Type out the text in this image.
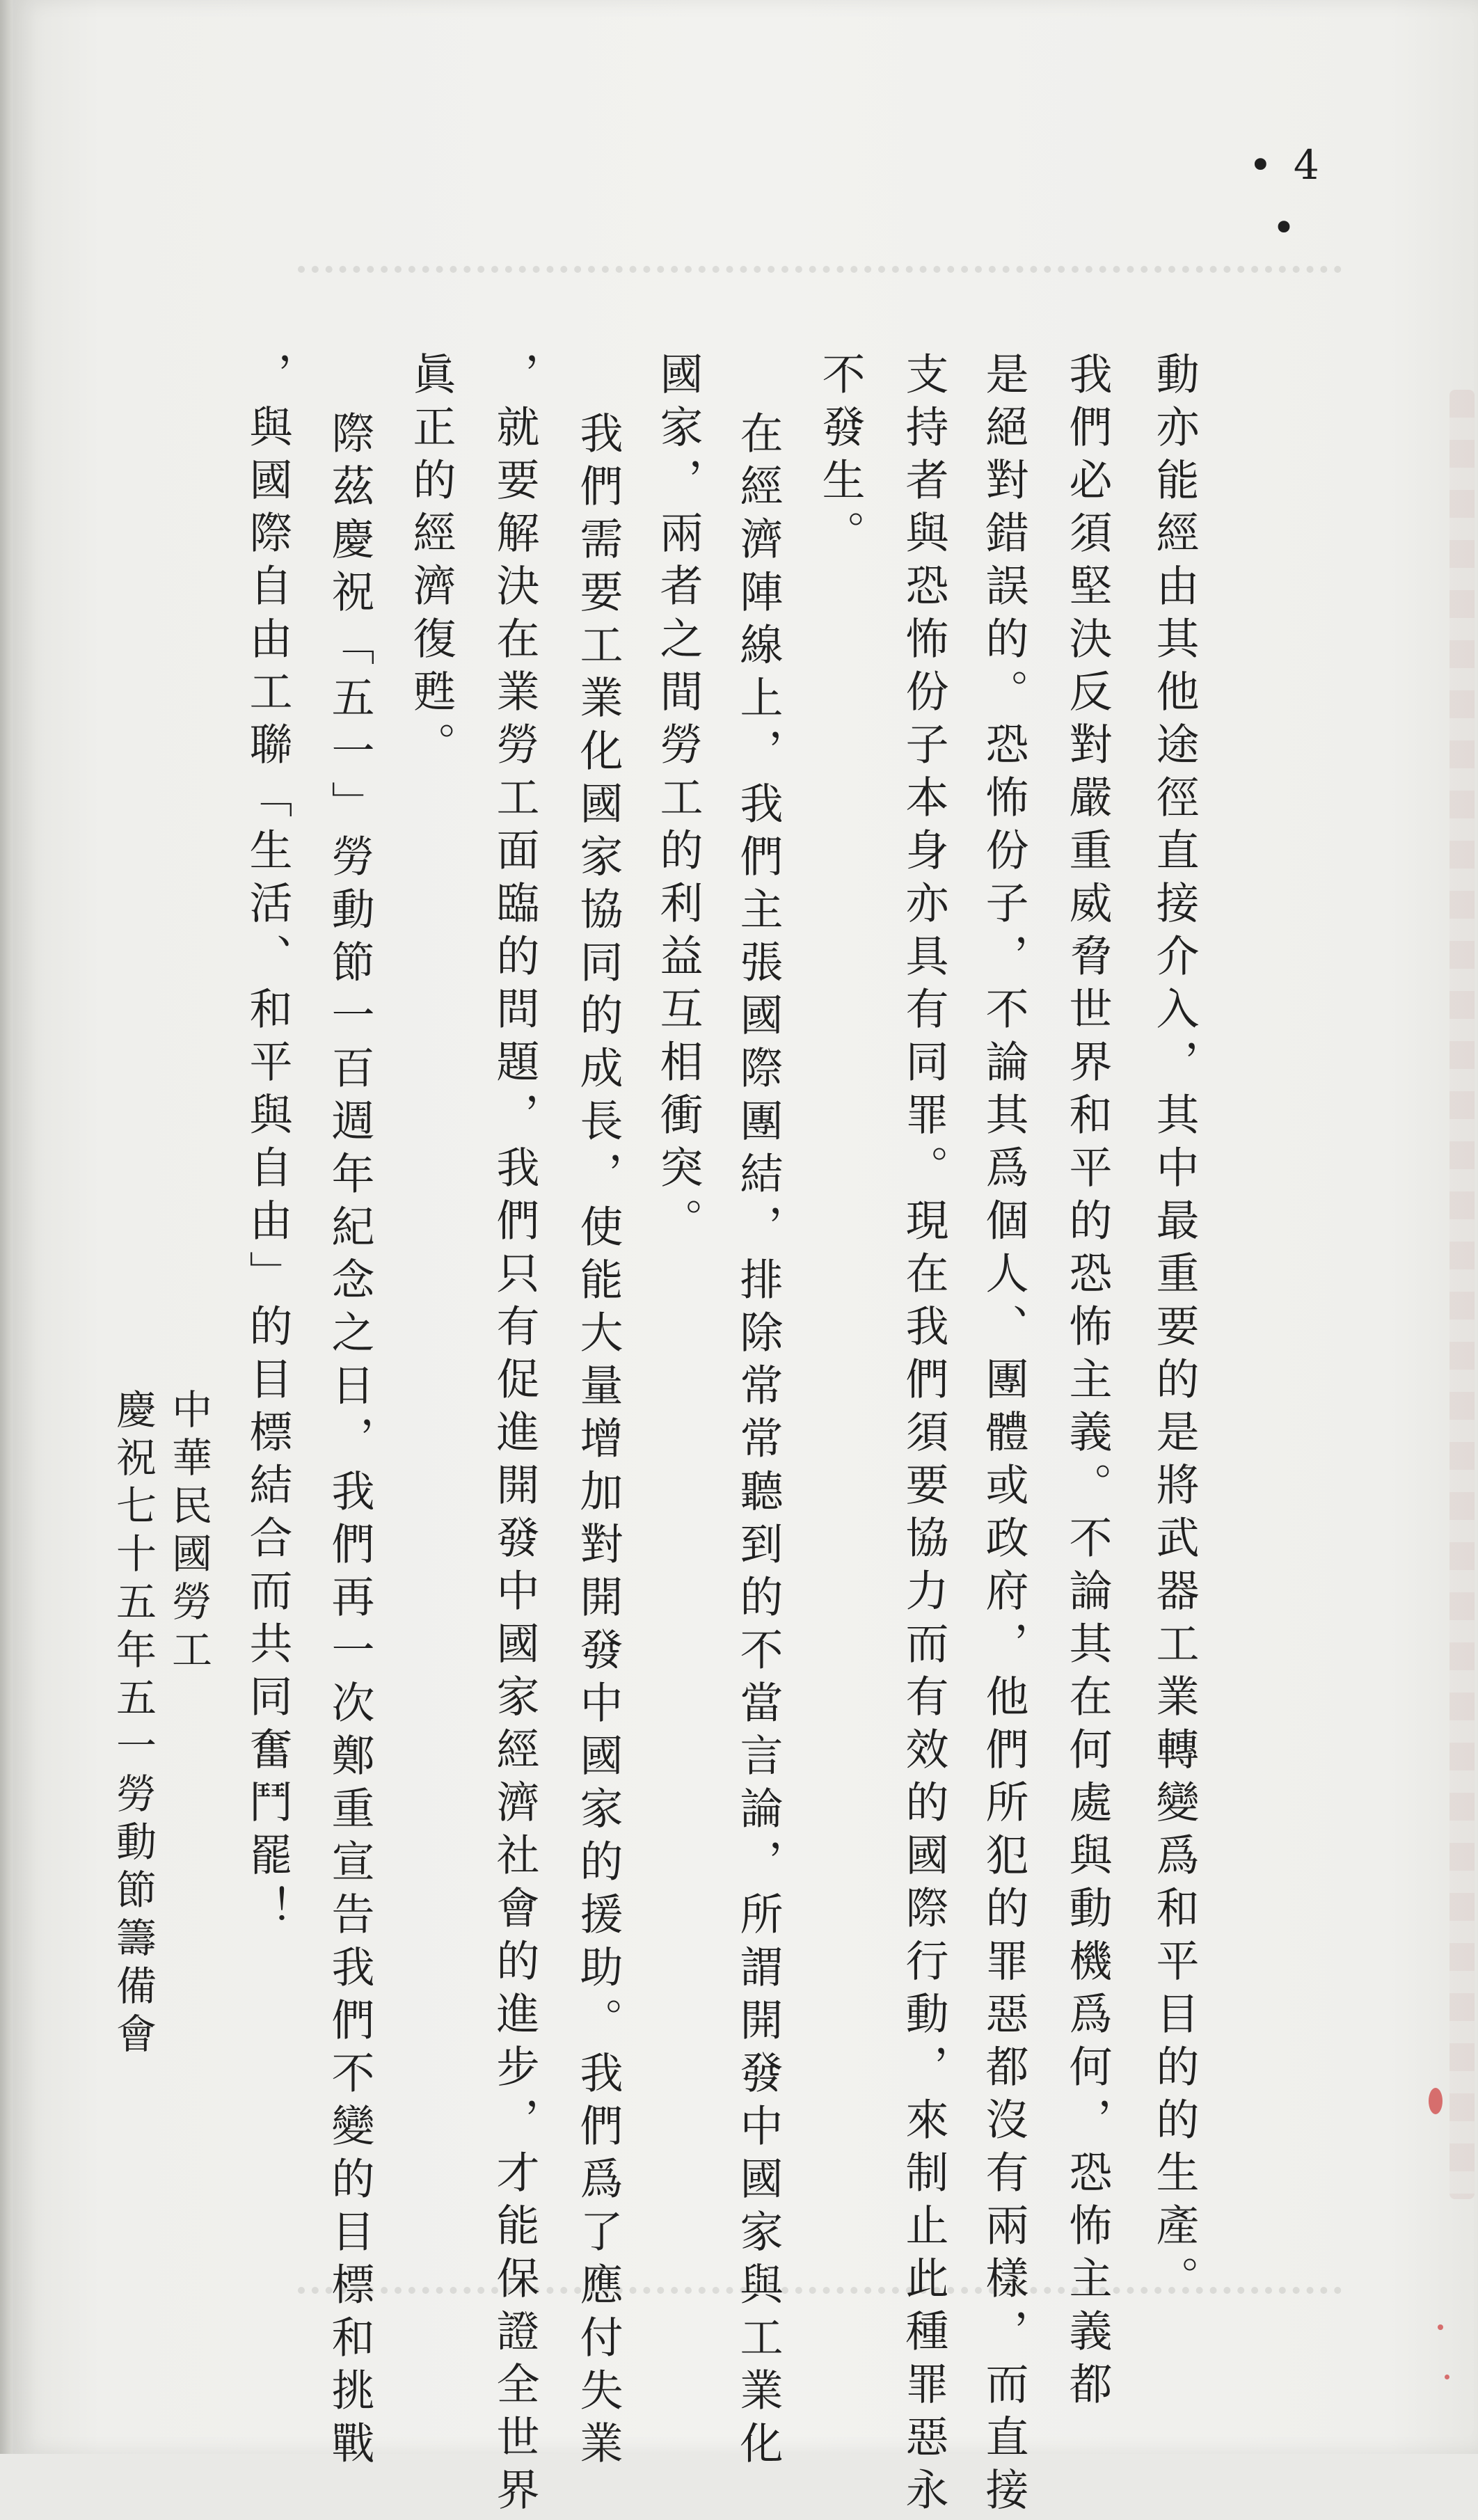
• 4 •
動亦能經由其他途徑直接介入，其中最重要的是將武器工業轉變爲和平目的的生產。
我們必須堅決反對嚴重威脅世界和平的恐怖主義。不論其在何處與動機爲何，恐怖主義都
是絕對錯誤的。恐怖份子，不論其爲個人、團體或政府，他們所犯的罪惡都沒有兩樣，而直接
支持者與恐怖份子本身亦具有同罪。現在我們須要協力而有效的國際行動，來制止此種罪惡永
不發生。
在經濟陣線上，我們主張國際團結，排除常常聽到的不當言論，所謂開發中國家與工業化
國家，兩者之間勞工的利益互相衝突。
我們需要工業化國家協同的成長，使能大量增加對開發中國家的援助。我們爲了應付失業
，就要解決在業勞工面臨的問題，我們只有促進開發中國家經濟社會的進步，才能保證全世界
眞正的經濟復甦。
際茲慶祝「五一」勞動節一百週年紀念之日，我們再一次鄭重宣告我們不變的目標和挑戰
，與國際自由工聯「生活、和平與自由」的目標結合而共同奮鬥罷！
中華民國勞工
慶祝七十五年五一勞動節籌備會
